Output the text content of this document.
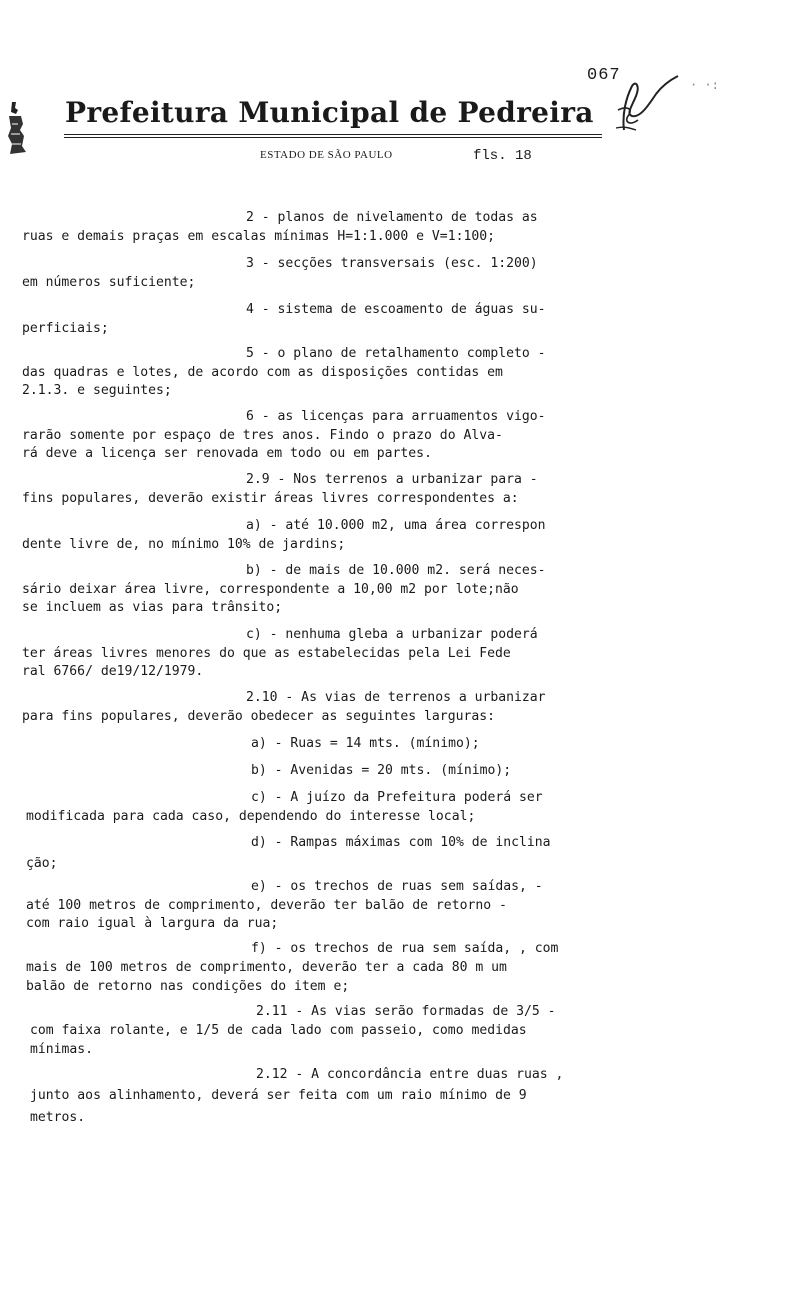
067	· ·:
Prefeitura Municipal de Pedreira
ESTADO DE SÃO PAULO	fls. 18
2 - planos de nivelamento de todas as
ruas e demais praças em escalas mínimas H=1:1.000 e V=1:100;
3 - secções transversais (esc. 1:200)
em números suficiente;
4 - sistema de escoamento de águas su-
perficiais;
5 - o plano de retalhamento completo -
das quadras e lotes, de acordo com as disposições contidas em
2.1.3. e seguintes;
6 - as licenças para arruamentos vigo-
rarão somente por espaço de tres anos. Findo o prazo do Alva-
rá deve a licença ser renovada em todo ou em partes.
2.9 - Nos terrenos a urbanizar para -
fins populares, deverão existir áreas livres correspondentes a:
a) - até 10.000 m2, uma área correspon
dente livre de, no mínimo 10% de jardins;
b) - de mais de 10.000 m2. será neces-
sário deixar área livre, correspondente a 10,00 m2 por lote;não
se incluem as vias para trânsito;
c) - nenhuma gleba a urbanizar poderá
ter áreas livres menores do que as estabelecidas pela Lei Fede
ral 6766/ de19/12/1979.
2.10 - As vias de terrenos a urbanizar
para fins populares, deverão obedecer as seguintes larguras:
a) - Ruas = 14 mts. (mínimo);
b) - Avenidas = 20 mts. (mínimo);
c) - A juízo da Prefeitura poderá ser
modificada para cada caso, dependendo do interesse local;
d) - Rampas máximas com 10% de inclina
ção;
e) - os trechos de ruas sem saídas, -
até 100 metros de comprimento, deverão ter balão de retorno -
com raio igual à largura da rua;
f) - os trechos de rua sem saída, , com
mais de 100 metros de comprimento, deverão ter a cada 80 m um
balão de retorno nas condições do item e;
2.11 - As vias serão formadas de 3/5 -
com faixa rolante, e 1/5 de cada lado com passeio, como medidas
mínimas.
2.12 - A concordância entre duas ruas ,
junto aos alinhamento, deverá ser feita com um raio mínimo de 9
metros.
